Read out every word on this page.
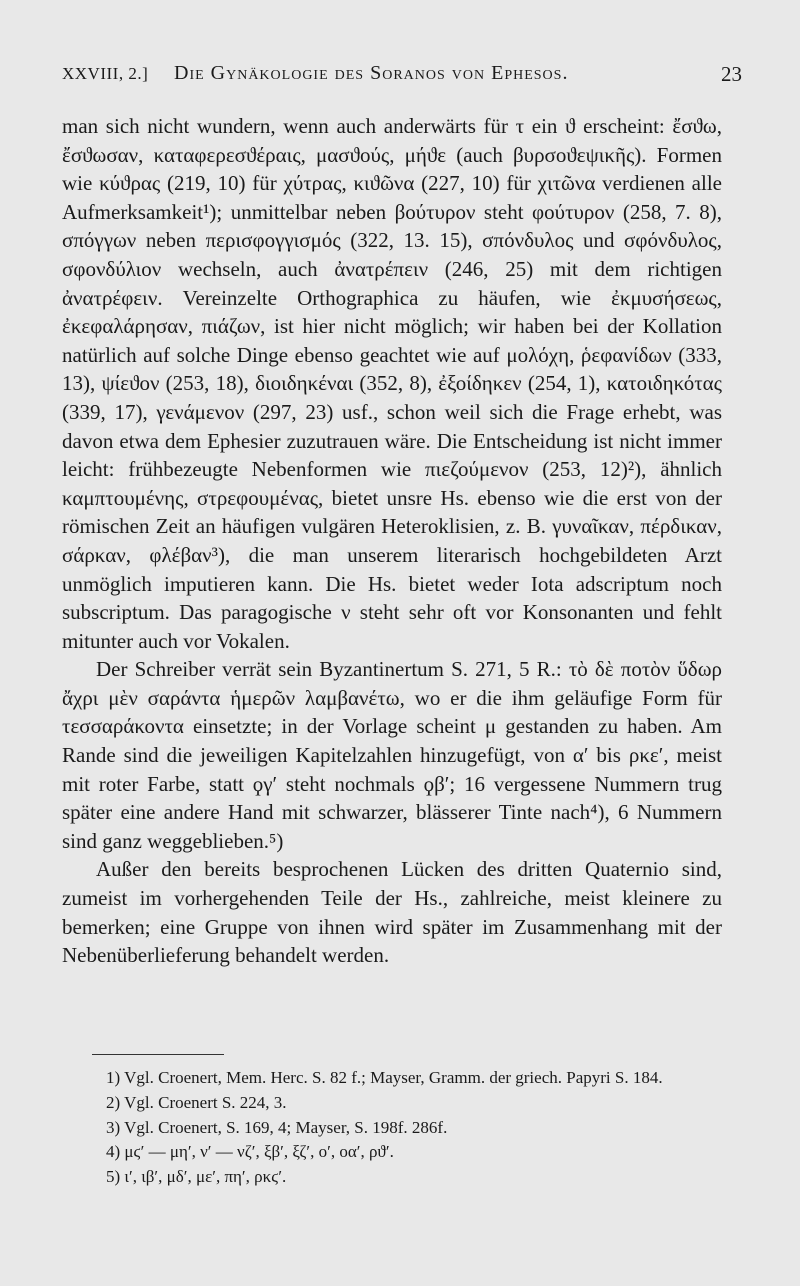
XXVIII, 2.] Die Gynäkologie des Soranos von Ephesos.	23

man sich nicht wundern, wenn auch anderwärts für τ ein ϑ erscheint: ἔσϑω, ἔσϑωσαν, καταφερεσϑέραις, μασϑούς, μήϑε (auch βυρσοϑεψικῆς). Formen wie κύϑρας (219, 10) für χύτρας, κιϑῶνα (227, 10) für χιτῶνα verdienen alle Aufmerksamkeit¹); unmittelbar neben βούτυρον steht φούτυρον (258, 7. 8), σπόγγων neben περισφογγισμός (322, 13. 15), σπόνδυλος und σφόνδυλος, σφονδύλιον wechseln, auch ἀνατρέπειν (246, 25) mit dem richtigen ἀνατρέφειν. Vereinzelte Orthographica zu häufen, wie ἐκμυσήσεως, ἐκεφαλάρησαν, πιάζων, ist hier nicht möglich; wir haben bei der Kollation natürlich auf solche Dinge ebenso geachtet wie auf μολόχη, ῥεφανίδων (333, 13), ψίεϑον (253, 18), διοιδηκέναι (352, 8), ἐξοίδηκεν (254, 1), κατοιδηκότας (339, 17), γενάμενον (297, 23) usf., schon weil sich die Frage erhebt, was davon etwa dem Ephesier zuzutrauen wäre. Die Entscheidung ist nicht immer leicht: frühbezeugte Nebenformen wie πιεζούμενον (253, 12)²), ähnlich καμπτουμένης, στρεφουμένας, bietet unsre Hs. ebenso wie die erst von der römischen Zeit an häufigen vulgären Heteroklisien, z. B. γυναῖκαν, πέρδικαν, σάρκαν, φλέβαν³), die man unserem literarisch hochgebildeten Arzt unmöglich imputieren kann. Die Hs. bietet weder Iota adscriptum noch subscriptum. Das paragogische ν steht sehr oft vor Konsonanten und fehlt mitunter auch vor Vokalen.

Der Schreiber verrät sein Byzantinertum S. 271, 5 R.: τὸ δὲ ποτὸν ὕδωρ ἄχρι μὲν σαράντα ἡμερῶν λαμβανέτω, wo er die ihm geläufige Form für τεσσαράκοντα einsetzte; in der Vorlage scheint μ gestanden zu haben. Am Rande sind die jeweiligen Kapitelzahlen hinzugefügt, von α′ bis ρκε′, meist mit roter Farbe, statt ϙγ′ steht nochmals ϙβ′; 16 vergessene Nummern trug später eine andere Hand mit schwarzer, blässerer Tinte nach⁴), 6 Nummern sind ganz weggeblieben.⁵)

Außer den bereits besprochenen Lücken des dritten Quaternio sind, zumeist im vorhergehenden Teile der Hs., zahlreiche, meist kleinere zu bemerken; eine Gruppe von ihnen wird später im Zusammenhang mit der Nebenüberlieferung behandelt werden.

1) Vgl. Croenert, Mem. Herc. S. 82 f.; Mayser, Gramm. der griech. Papyri S. 184.
2) Vgl. Croenert S. 224, 3.
3) Vgl. Croenert, S. 169, 4; Mayser, S. 198f. 286f.
4) μϛ′ — μη′, ν′ — νζ′, ξβ′, ξζ′, ο′, οα′, ρϑ′.
5) ι′, ιβ′, μδ′, με′, πη′, ρκϛ′.
